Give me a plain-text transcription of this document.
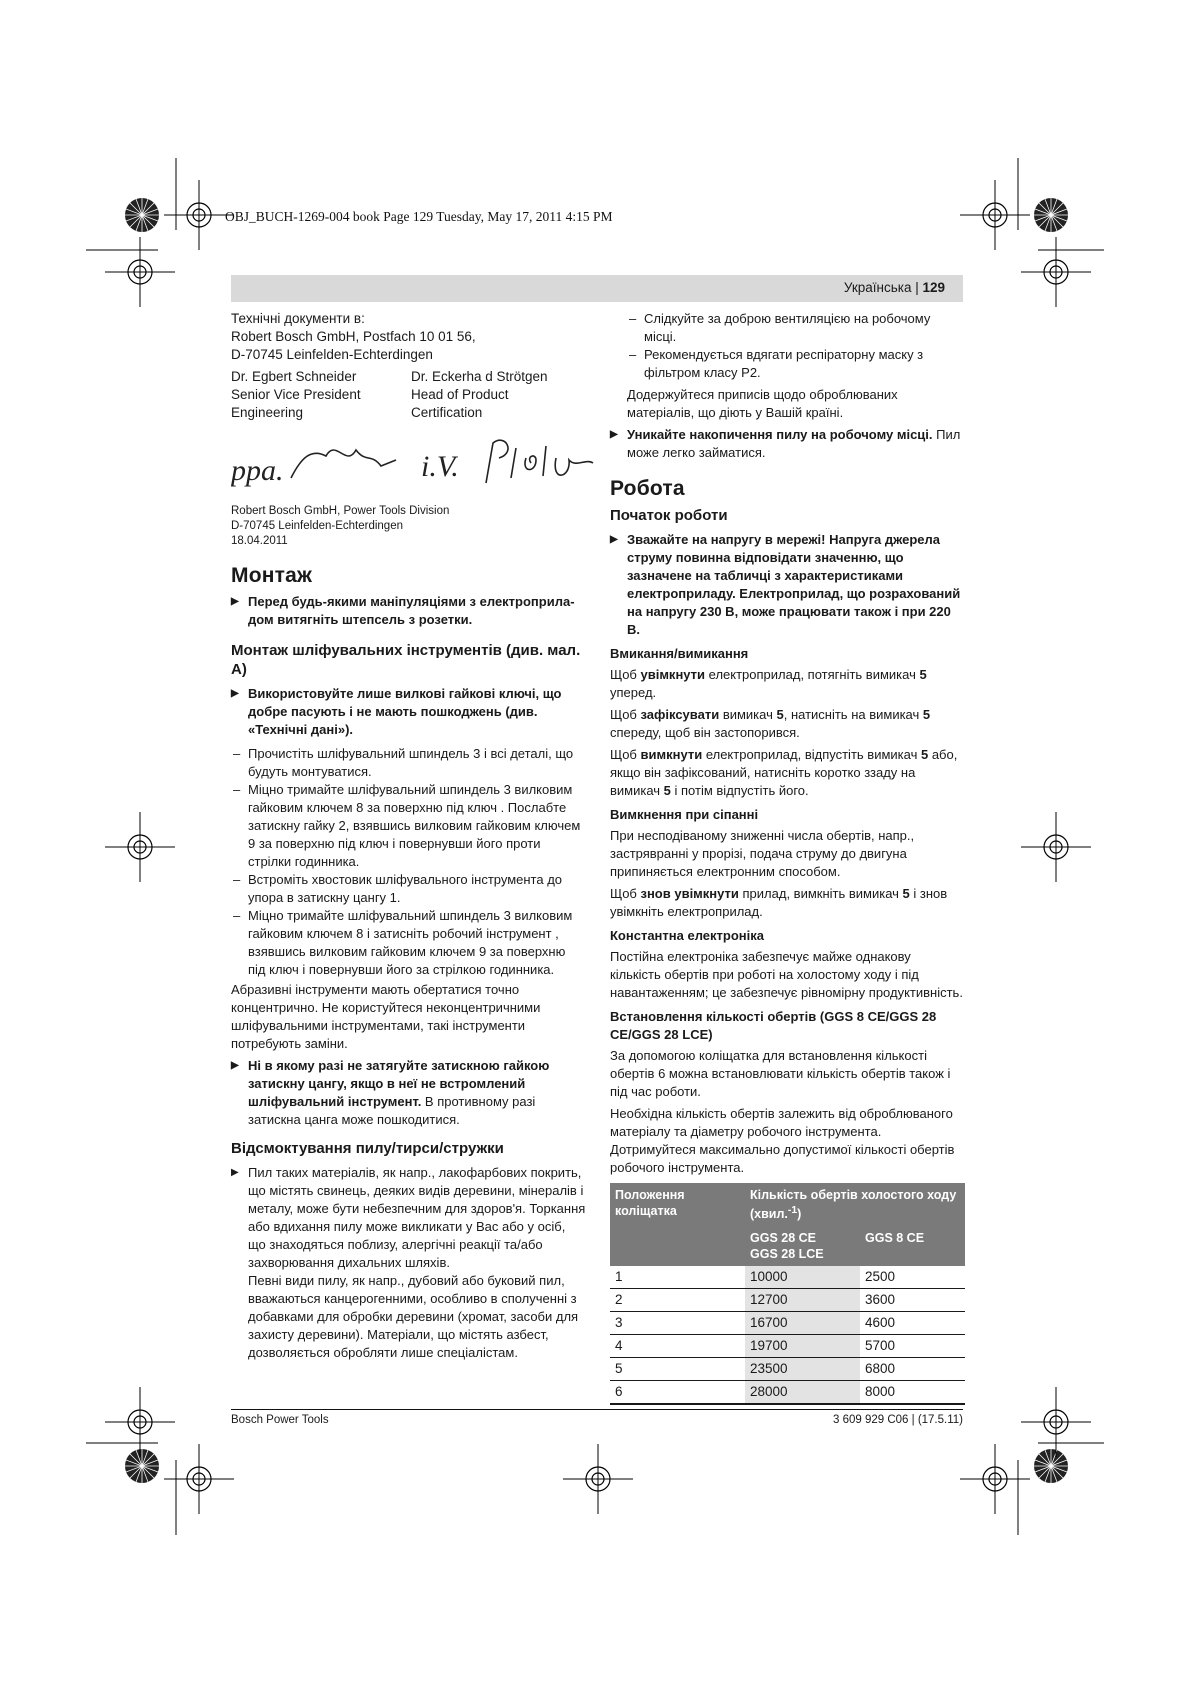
OBJ_BUCH-1269-004 book Page 129 Tuesday, May 17, 2011 4:15 PM
Українська | 129
Технічні документи в:
Robert Bosch GmbH, Postfach 10 01 56,
D-70745 Leinfelden-Echterdingen
Dr. Egbert Schneider
Senior Vice President
Engineering
Dr. Eckerha d Strötgen
Head of Product
Certification
ppa.	i.V.
Robert Bosch GmbH, Power Tools Division
D-70745 Leinfelden-Echterdingen
18.04.2011
Монтаж
▶ Перед будь-якими маніпуляціями з електроприла-дом витягніть штепсель з розетки.
Монтаж шліфувальних інструментів (див. мал. A)
▶ Використовуйте лише вилкові гайкові ключі, що добре пасують і не мають пошкоджень (див. «Технічні дані»).
– Прочистіть шліфувальний шпиндель 3 і всі деталі, що будуть монтуватися.
– Міцно тримайте шліфувальний шпиндель 3 вилковим гайковим ключем 8 за поверхню під ключ . Послабте затискну гайку 2, взявшись вилковим гайковим ключем 9 за поверхню під ключ і повернувши його проти стрілки годинника.
– Встроміть хвостовик шліфувального інструмента до упора в затискну цангу 1.
– Міцно тримайте шліфувальний шпиндель 3 вилковим гайковим ключем 8 і затисніть робочий інструмент , взявшись вилковим гайковим ключем 9 за поверхню під ключ і повернувши його за стрілкою годинника.

Абразивні інструменти мають обертатися точно концентрично. Не користуйтеся неконцентричними шліфувальними інструментами, такі інструменти потребують заміни.

▶ Ні в якому разі не затягуйте затискною гайкою затискну цангу, якщо в неї не встромлений шліфувальний інструмент. В противному разі затискна цанга може пошкодитися.
Відсмоктування пилу/тирси/стружки
▶ Пил таких матеріалів, як напр., лакофарбових покрить, що містять свинець, деяких видів деревини, мінералів і металу, може бути небезпечним для здоров'я. Торкання або вдихання пилу може викликати у Вас або у осіб, що знаходяться поблизу, алергічні реакції та/або захворювання дихальних шляхів.
Певні види пилу, як напр., дубовий або буковий пил, вважаються канцерогенними, особливо в сполученні з добавками для обробки деревини (хромат, засоби для захисту деревини). Матеріали, що містять азбест, дозволяється обробляти лише спеціалістам.
– Слідкуйте за доброю вентиляцією на робочому місці.
– Рекомендується вдягати респіраторну маску з фільтром класу P2.

Додержуйтеся приписів щодо оброблюваних матеріалів, що діють у Вашій країні.

▶ Уникайте накопичення пилу на робочому місці. Пил може легко займатися.
Робота
Початок роботи
▶ Зважайте на напругу в мережі! Напруга джерела струму повинна відповідати значенню, що зазначене на табличці з характеристиками електроприладу. Електроприлад, що розрахований на напругу 230 В, може працювати також і при 220 В.
Вмикання/вимикання

Щоб увімкнути електроприлад, потягніть вимикач 5 уперед.

Щоб зафіксувати вимикач 5, натисніть на вимикач 5 спереду, щоб він застопорився.

Щоб вимкнути електроприлад, відпустіть вимикач 5 або, якщо він зафіксований, натисніть коротко ззаду на вимикач 5 і потім відпустіть його.

Вимкнення при сіпанні

При несподіваному зниженні числа обертів, напр., застрявранні у прорізі, подача струму до двигуна припиняється електронним способом.

Щоб знов увімкнути прилад, вимкніть вимикач 5 і знов увімкніть електроприлад.

Константна електроніка

Постійна електроніка забезпечує майже однакову кількість обертів при роботі на холостому ходу і під навантаженням; це забезпечує рівномірну продуктивність.

Встановлення кількості обертів (GGS 8 CE/GGS 28 CE/GGS 28 LCE)

За допомогою коліщатка для встановлення кількості обертів 6 можна встановлювати кількість обертів також і під час роботи.

Необхідна кількість обертів залежить від оброблюваного матеріалу та діаметру робочого інструмента. Дотримуйтеся максимально допустимої кількості обертів робочого інструмента.

Положення коліщатка	Кількість обертів холостого ходу
(хвил.$^{-1}$)	
	GGS 28 CE
GGS 28 LCE	GGS 8 CE
1	10000	2500
2	12700	3600
3	16700	4600
4	19700	5700
5	23500	6800
6	28000	8000
Bosch Power Tools	3 609 929 C06 | (17.5.11)
